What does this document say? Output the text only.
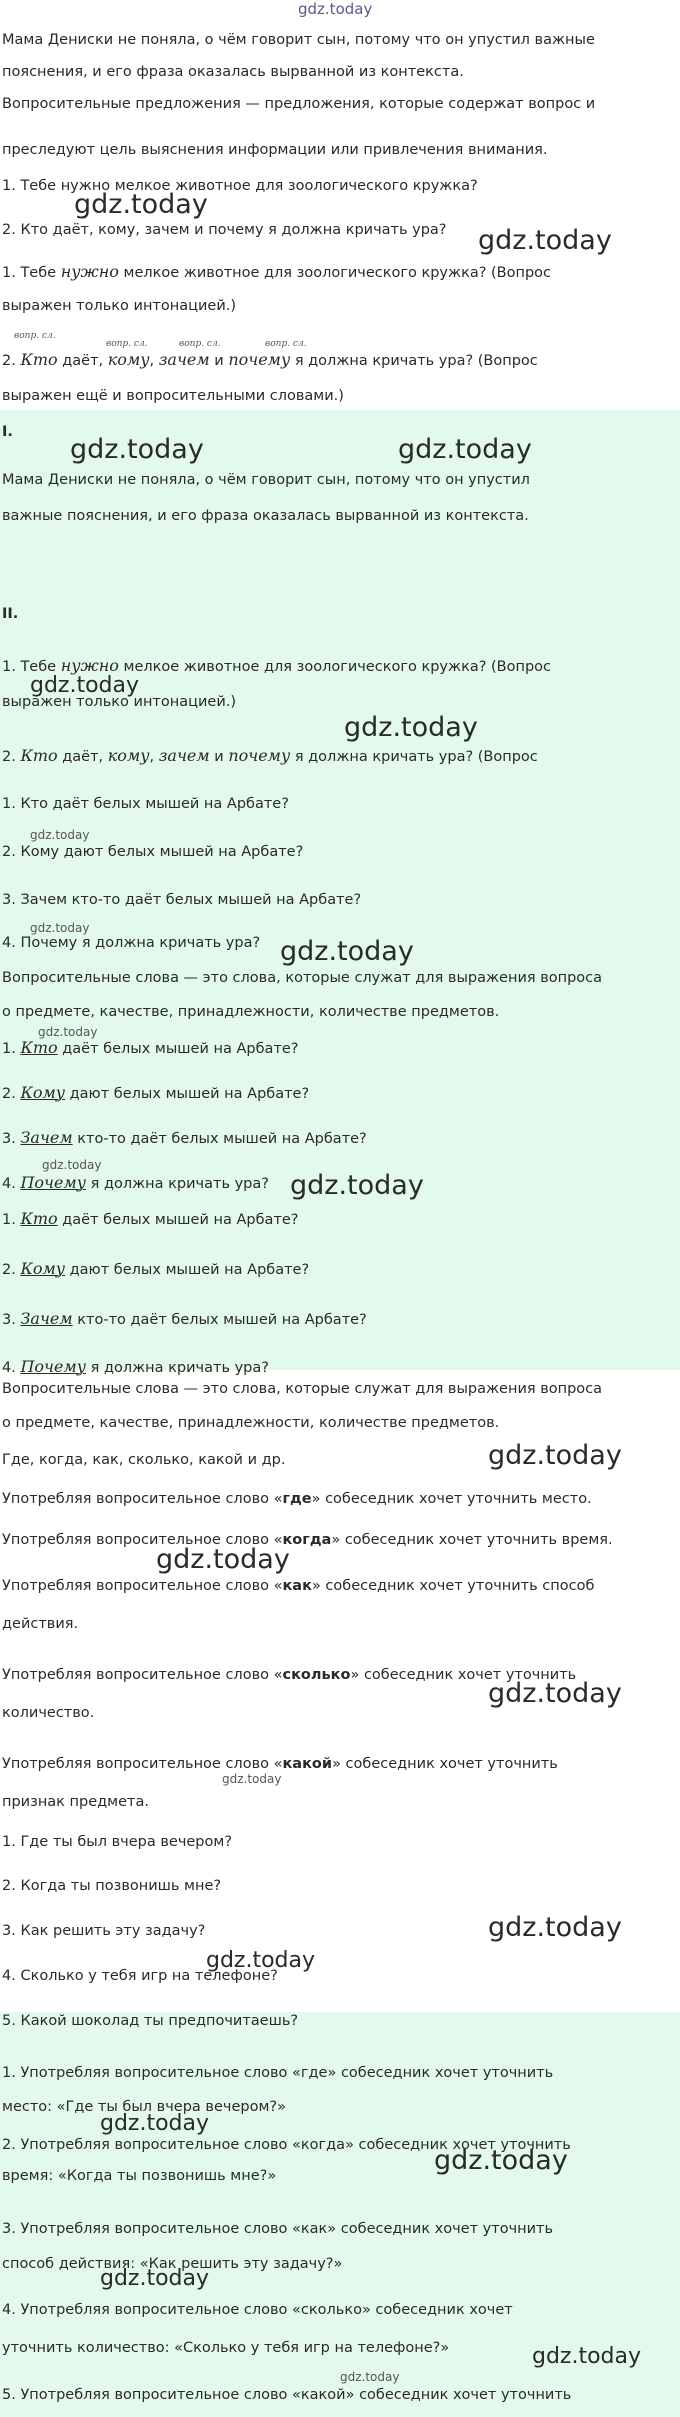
gdz.today
Мама Дениски не поняла, о чём говорит сын, потому что он упустил важные
пояснения, и его фраза оказалась вырванной из контекста.
Вопросительные предложения — предложения, которые содержат вопрос и
преследуют цель выяснения информации или привлечения внимания.
1. Тебе нужно мелкое животное для зоологического кружка?
gdz.today
2. Кто даёт, кому, зачем и почему я должна кричать ура?	gdz.today
1. Тебе нужно мелкое животное для зоологического кружка? (Вопрос
выражен только интонацией.)
вопр. сл.
вопр. сл.	вопр. сл.	вопр. сл.
2. Кто даёт, кому, зачем и почему я должна кричать ура? (Вопрос
выражен ещё и вопросительными словами.)
I.
gdz.today	gdz.today
Мама Дениски не поняла, о чём говорит сын, потому что он упустил
важные пояснения, и его фраза оказалась вырванной из контекста.
II.
1. Тебе нужно мелкое животное для зоологического кружка? (Вопрос
gdz.today
выражен только интонацией.)
gdz.today
2. Кто даёт, кому, зачем и почему я должна кричать ура? (Вопрос
1. Кто даёт белых мышей на Арбате?
gdz.today
2. Кому дают белых мышей на Арбате?
3. Зачем кто-то даёт белых мышей на Арбате?
gdz.today
4. Почему я должна кричать ура? gdz.today
Вопросительные слова — это слова, которые служат для выражения вопроса
о предмете, качестве, принадлежности, количестве предметов.
gdz.today
1. Кто даёт белых мышей на Арбате?
2. Кому дают белых мышей на Арбате?
3. Зачем кто-то даёт белых мышей на Арбате?
gdz.today
4. Почему я должна кричать ура? gdz.today
1. Кто даёт белых мышей на Арбате?
2. Кому дают белых мышей на Арбате?
3. Зачем кто-то даёт белых мышей на Арбате?
4. Почему я должна кричать ура?
Вопросительные слова — это слова, которые служат для выражения вопроса
о предмете, качестве, принадлежности, количестве предметов.
Где, когда, как, сколько, какой и др.	gdz.today
Употребляя вопросительное слово «где» собеседник хочет уточнить место.
Употребляя вопросительное слово «когда» собеседник хочет уточнить время.
gdz.today
Употребляя вопросительное слово «как» собеседник хочет уточнить способ
действия.
Употребляя вопросительное слово «сколько» собеседник хочет уточнить
gdz.today
количество.
Употребляя вопросительное слово «какой» собеседник хочет уточнить
gdz.today
признак предмета.
1. Где ты был вчера вечером?
2. Когда ты позвонишь мне?
3. Как решить эту задачу?	gdz.today
gdz.today
4. Сколько у тебя игр на телефоне?
5. Какой шоколад ты предпочитаешь?
1. Употребляя вопросительное слово «где» собеседник хочет уточнить
место: «Где ты был вчера вечером?»
gdz.today
2. Употребляя вопросительное слово «когда» собеседник хочет уточнить
gdz.today
время: «Когда ты позвонишь мне?»
3. Употребляя вопросительное слово «как» собеседник хочет уточнить
способ действия: «Как решить эту задачу?»
gdz.today
4. Употребляя вопросительное слово «сколько» собеседник хочет
уточнить количество: «Сколько у тебя игр на телефоне?»	gdz.today
gdz.today
5. Употребляя вопросительное слово «какой» собеседник хочет уточнить
